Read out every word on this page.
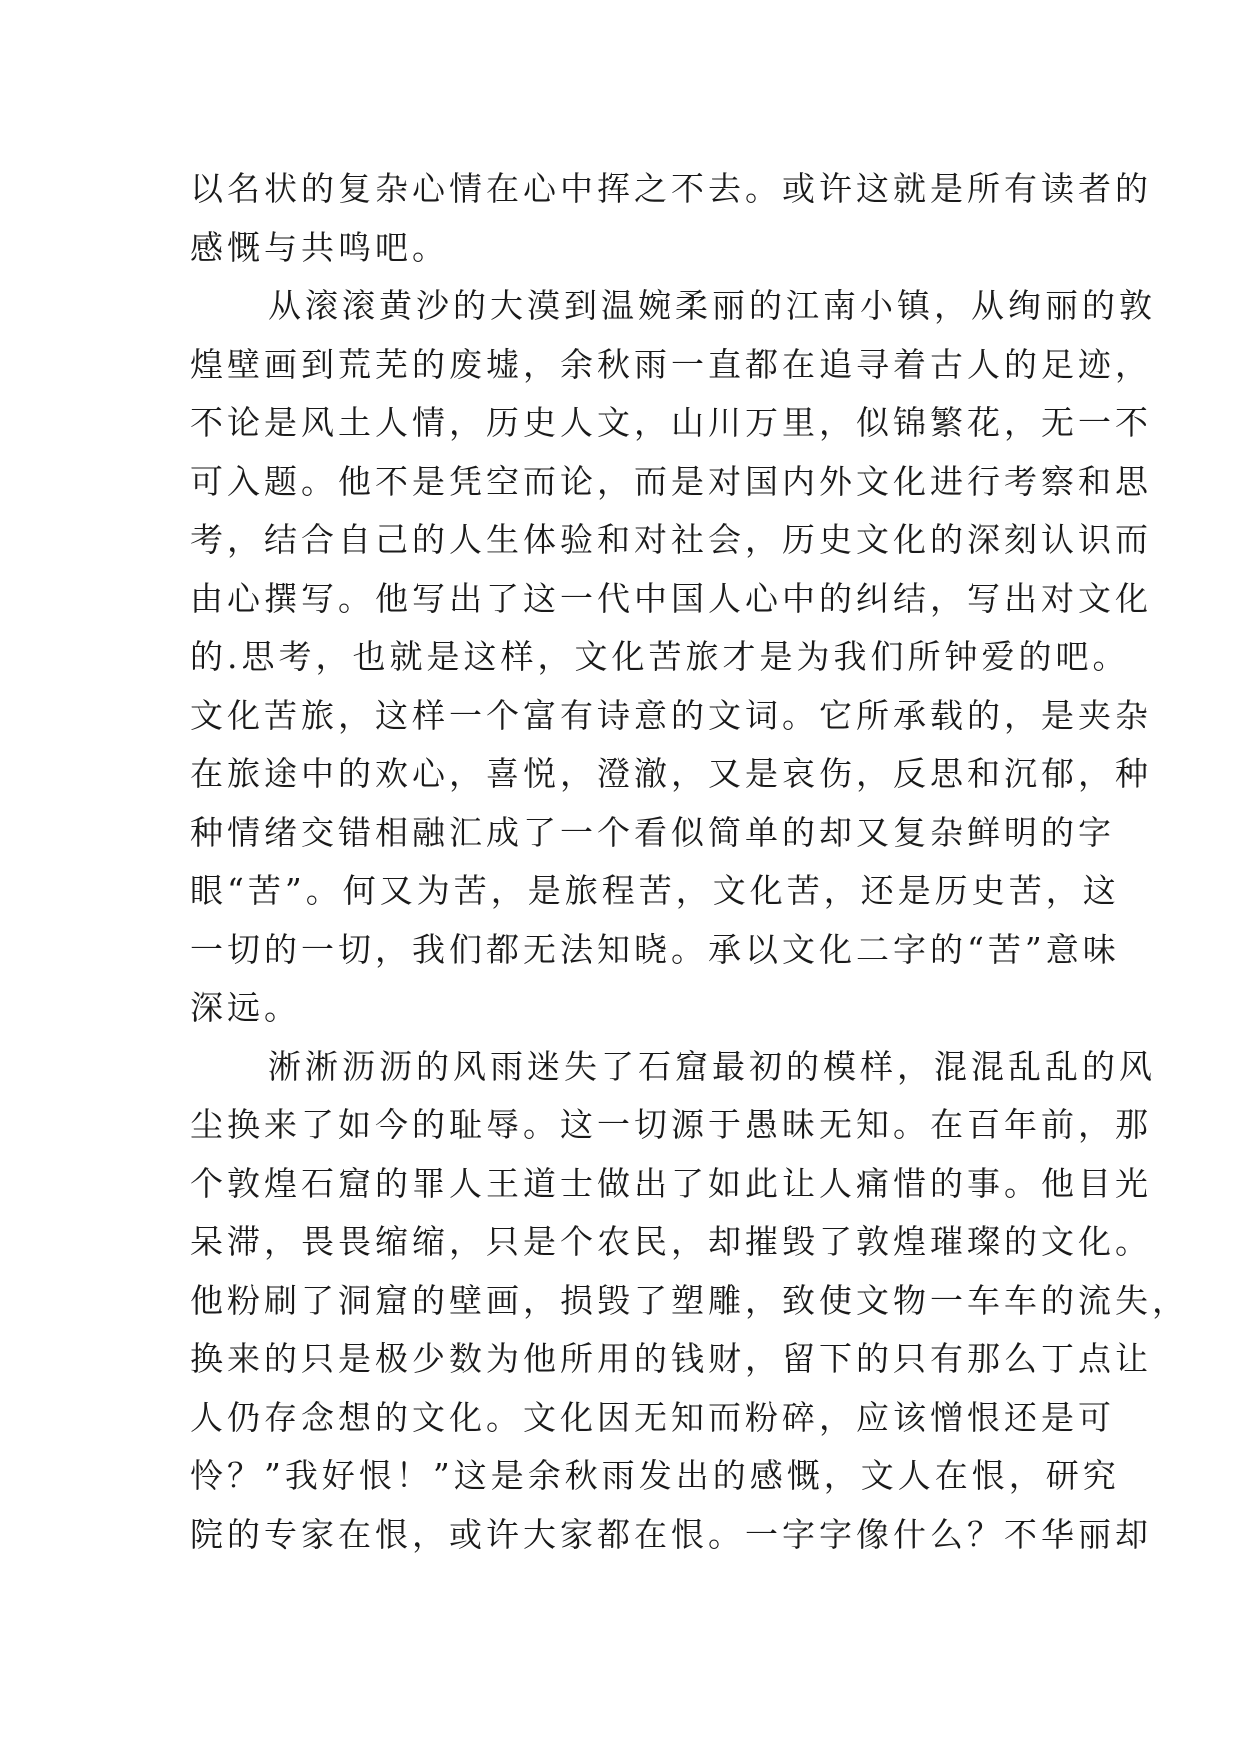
以名状的复杂心情在心中挥之不去。或许这就是所有读者的
感慨与共鸣吧。
从滚滚黄沙的大漠到温婉柔丽的江南小镇，从绚丽的敦
煌壁画到荒芜的废墟，余秋雨一直都在追寻着古人的足迹，
不论是风土人情，历史人文，山川万里，似锦繁花，无一不
可入题。他不是凭空而论，而是对国内外文化进行考察和思
考，结合自己的人生体验和对社会，历史文化的深刻认识而
由心撰写。他写出了这一代中国人心中的纠结，写出对文化
的.思考，也就是这样，文化苦旅才是为我们所钟爱的吧。
文化苦旅，这样一个富有诗意的文词。它所承载的，是夹杂
在旅途中的欢心，喜悦，澄澈，又是哀伤，反思和沉郁，种
种情绪交错相融汇成了一个看似简单的却又复杂鲜明的字
眼“苦”。何又为苦，是旅程苦，文化苦，还是历史苦，这
一切的一切，我们都无法知晓。承以文化二字的“苦”意味
深远。
淅淅沥沥的风雨迷失了石窟最初的模样，混混乱乱的风
尘换来了如今的耻辱。这一切源于愚昧无知。在百年前，那
个敦煌石窟的罪人王道士做出了如此让人痛惜的事。他目光
呆滞，畏畏缩缩，只是个农民，却摧毁了敦煌璀璨的文化。
他粉刷了洞窟的壁画，损毁了塑雕，致使文物一车车的流失，
换来的只是极少数为他所用的钱财，留下的只有那么丁点让
人仍存念想的文化。文化因无知而粉碎，应该憎恨还是可
怜？”我好恨！”这是余秋雨发出的感慨，文人在恨，研究
院的专家在恨，或许大家都在恨。一字字像什么？不华丽却
